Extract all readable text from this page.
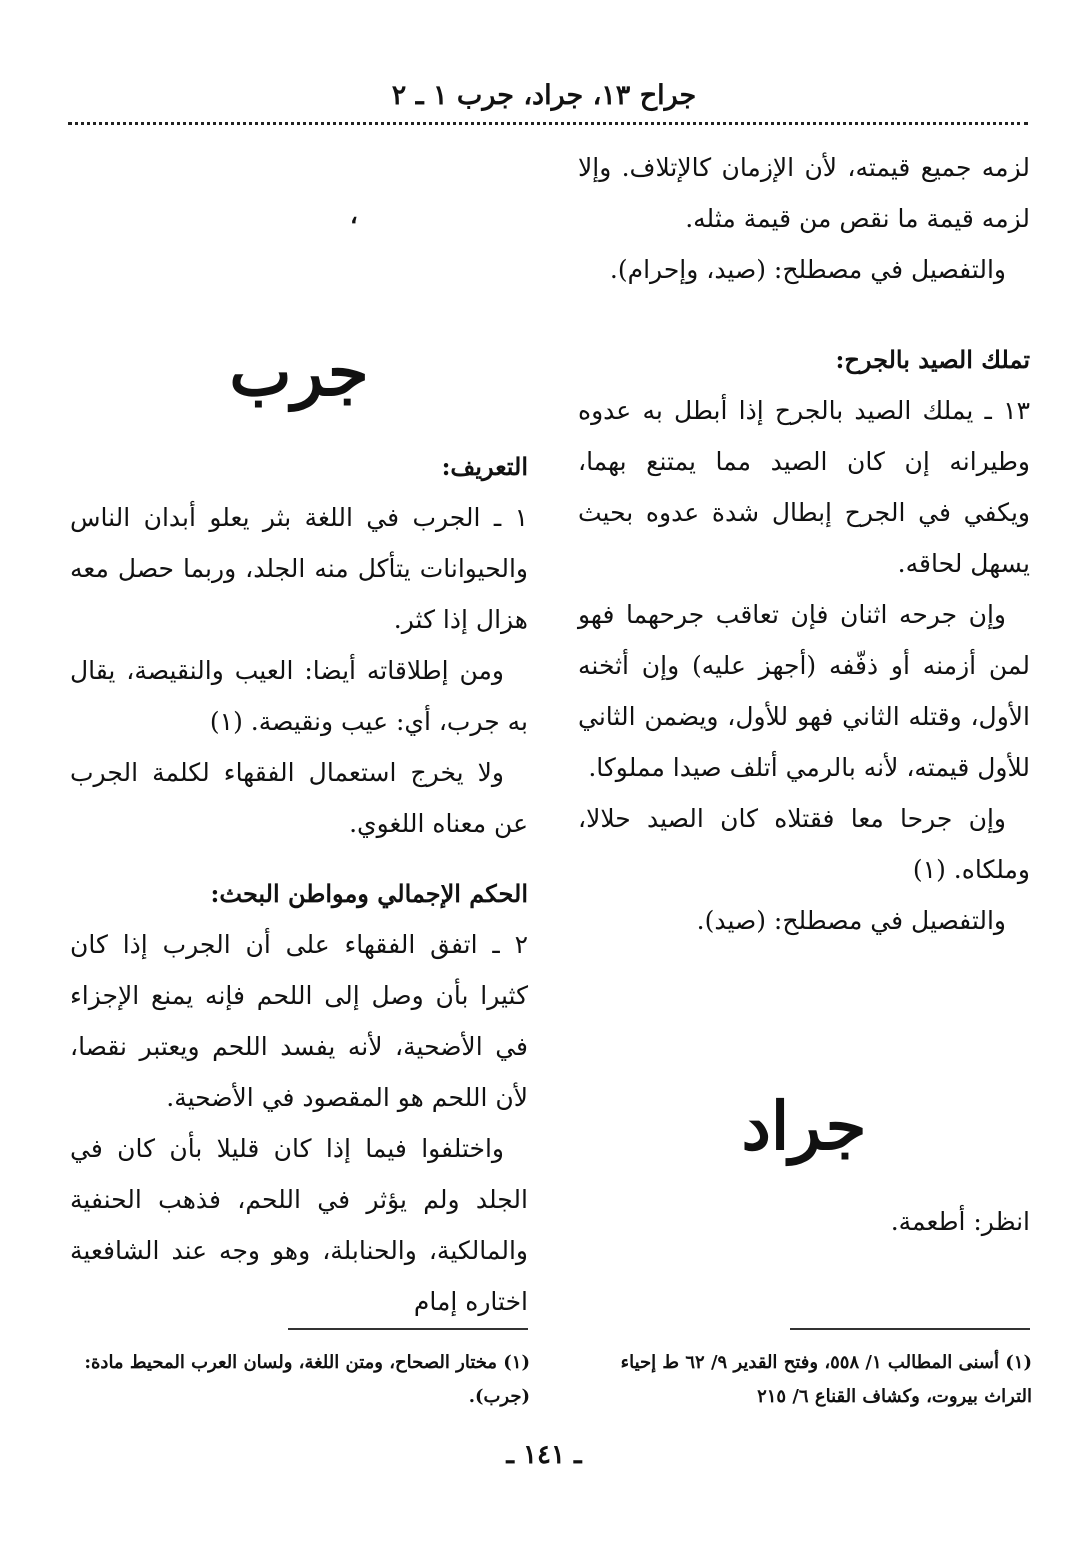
جراح ١٣، جراد، جرب ١ ـ ٢

لزمه جميع قيمته، لأن الإزمان كالإتلاف. وإلا لزمه قيمة ما نقص من قيمة مثله.

والتفصيل في مصطلح: (صيد، وإحرام).

تملك الصيد بالجرح:

١٣ ـ يملك الصيد بالجرح إذا أبطل به عدوه وطيرانه إن كان الصيد مما يمتنع بهما، ويكفي في الجرح إبطال شدة عدوه بحيث يسهل لحاقه.

وإن جرحه اثنان فإن تعاقب جرحهما فهو لمن أزمنه أو ذفّفه (أجهز عليه) وإن أثخنه الأول، وقتله الثاني فهو للأول، ويضمن الثاني للأول قيمته، لأنه بالرمي أتلف صيدا مملوكا.

وإن جرحا معا فقتلاه كان الصيد حلالا، وملكاه. (١)

والتفصيل في مصطلح: (صيد).

جراد

انظر: أطعمة.

،

جرب

التعريف:

١ ـ الجرب في اللغة بثر يعلو أبدان الناس والحيوانات يتأكل منه الجلد، وربما حصل معه هزال إذا كثر.

ومن إطلاقاته أيضا: العيب والنقيصة، يقال به جرب، أي: عيب ونقيصة. (١)

ولا يخرج استعمال الفقهاء لكلمة الجرب عن معناه اللغوي.

الحكم الإجمالي ومواطن البحث:

٢ ـ اتفق الفقهاء على أن الجرب إذا كان كثيرا بأن وصل إلى اللحم فإنه يمنع الإجزاء في الأضحية، لأنه يفسد اللحم ويعتبر نقصا، لأن اللحم هو المقصود في الأضحية.

واختلفوا فيما إذا كان قليلا بأن كان في الجلد ولم يؤثر في اللحم، فذهب الحنفية والمالكية، والحنابلة، وهو وجه عند الشافعية اختاره إمام

(١) أسنى المطالب ١/ ٥٥٨، وفتح القدير ٩/ ٦٢ ط إحياء التراث بيروت، وكشاف القناع ٦/ ٢١٥
(١) مختار الصحاح، ومتن اللغة، ولسان العرب المحيط مادة: (جرب).
ـ ١٤١ ـ
